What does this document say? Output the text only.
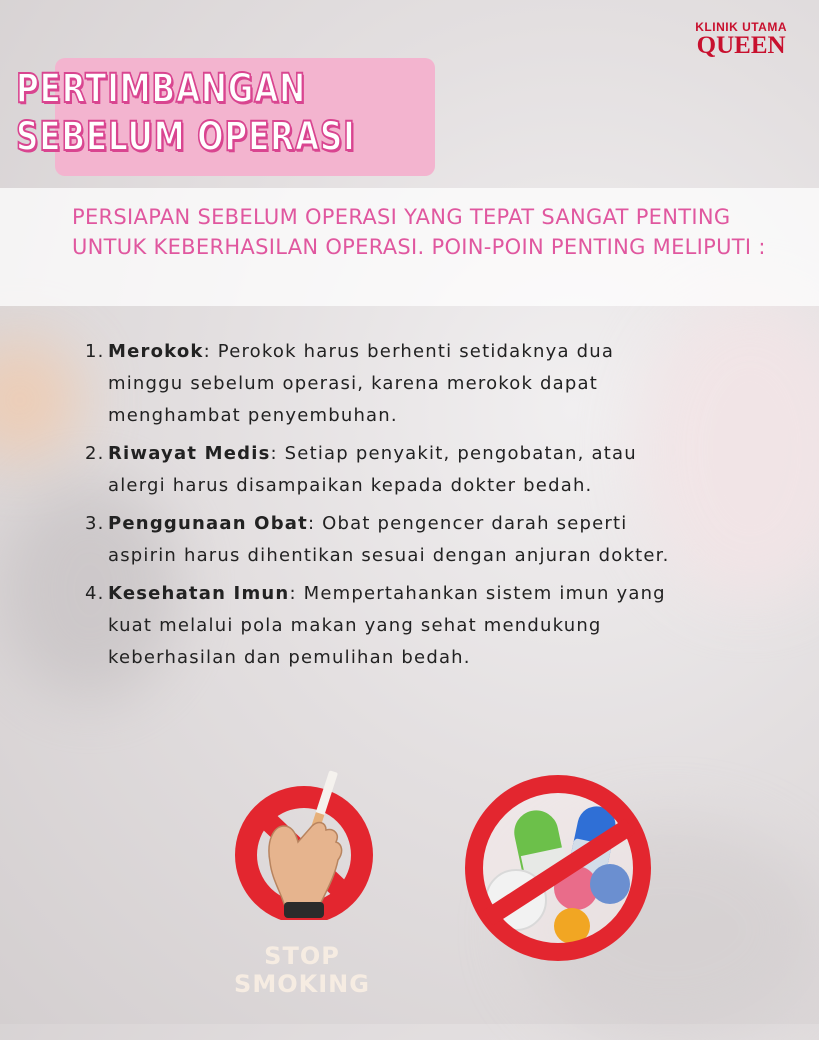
KLINIK UTAMA
QUEEN
PERTIMBANGAN
SEBELUM OPERASI
PERSIAPAN SEBELUM OPERASI YANG TEPAT SANGAT PENTING UNTUK KEBERHASILAN OPERASI. POIN-POIN PENTING MELIPUTI :
1. Merokok: Perokok harus berhenti setidaknya dua minggu sebelum operasi, karena merokok dapat menghambat penyembuhan.
2. Riwayat Medis: Setiap penyakit, pengobatan, atau alergi harus disampaikan kepada dokter bedah.
3. Penggunaan Obat: Obat pengencer darah seperti aspirin harus dihentikan sesuai dengan anjuran dokter.
4. Kesehatan Imun: Mempertahankan sistem imun yang kuat melalui pola makan yang sehat mendukung keberhasilan dan pemulihan bedah.
STOP
SMOKING
